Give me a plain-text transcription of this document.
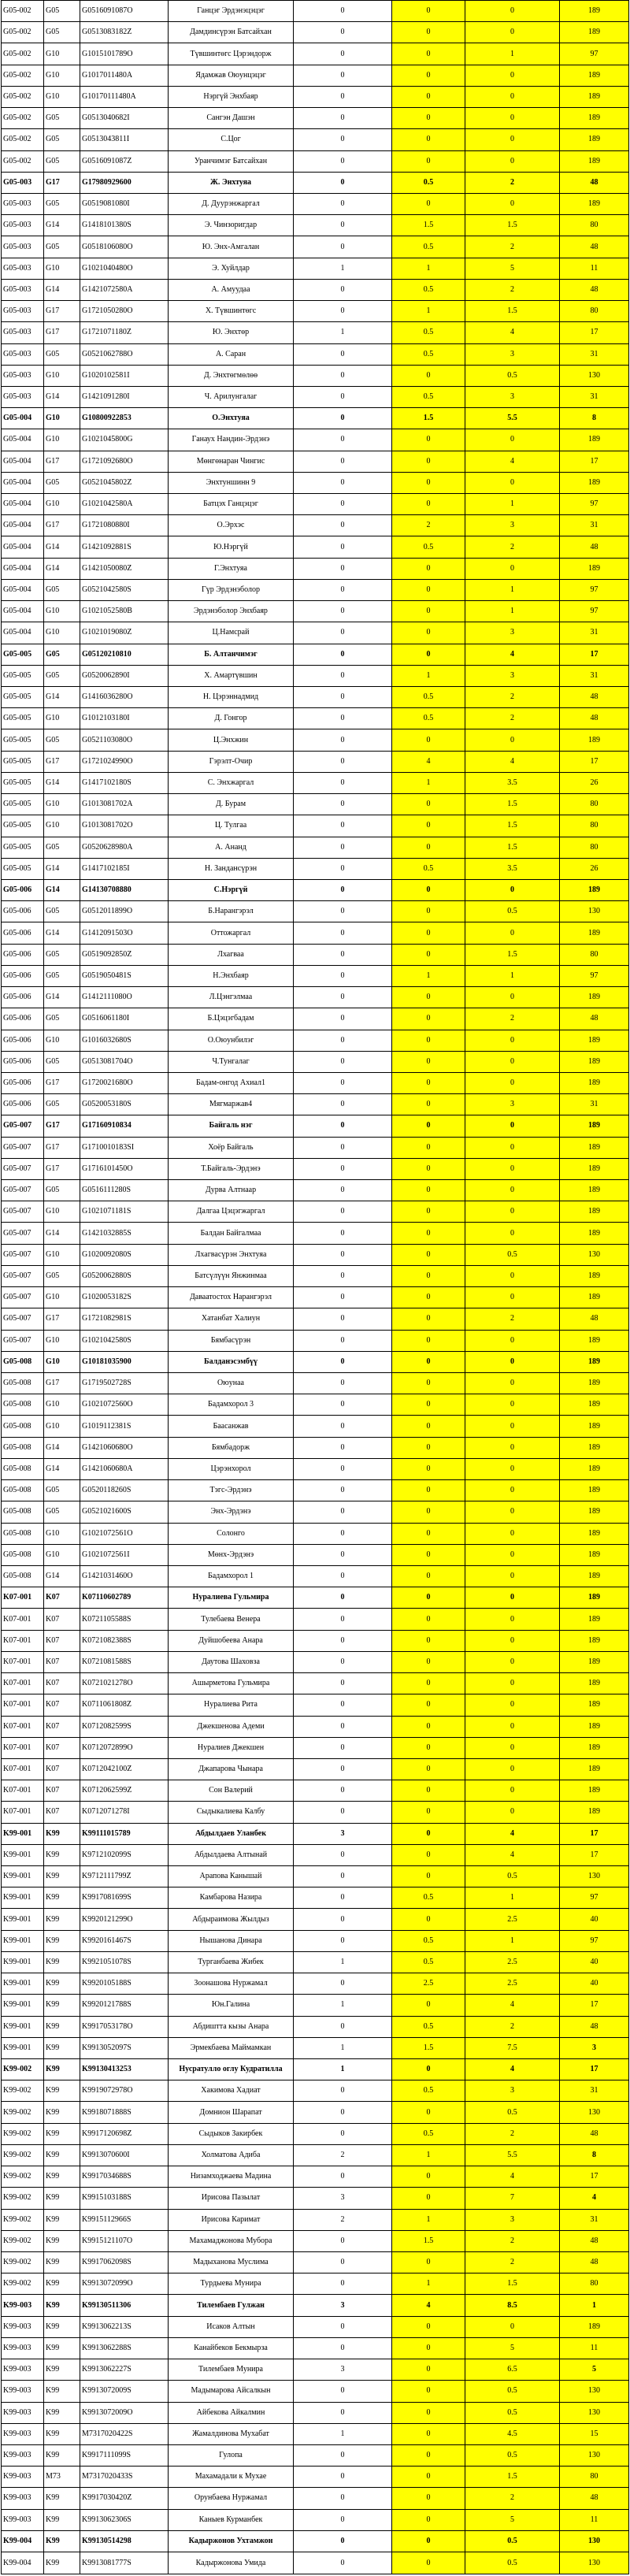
G05-002	G05	G0516091087O	Ганцэг Эрдэнэцэцэг	0	0	0	189
G05-002	G05	G0513083182Z	Дамдинсүрэн Батсайхан	0	0	0	189
G05-002	G10	G1015101789O	Түвшинтөгс Цэрэндорж	0	0	1	97
G05-002	G10	G1017011480A	Ядамжав Оюунцэцэг	0	0	0	189
G05-002	G10	G10170111480A	Нэргүй Энхбаяр	0	0	0	189
G05-002	G05	G0513040682I	Сангэн Дашэн	0	0	0	189
G05-002	G05	G0513043811I	С.Цог	0	0	0	189
G05-002	G05	G0516091087Z	Уранчимэг Батсайхан	0	0	0	189
G05-003	G17	G17980929600	Ж. Энхтуяа	0	0.5	2	48
G05-003	G05	G0519081080I	Д. Дуурэнжаргал	0	0	0	189
G05-003	G14	G1418101380S	Э. Чинзоригдар	0	1.5	1.5	80
G05-003	G05	G0518106080O	Ю. Энх-Амгалан	0	0.5	2	48
G05-003	G10	G1021040480O	Э. Хуйлдар	1	1	5	11
G05-003	G14	G1421072580A	А. Амуудаа	0	0.5	2	48
G05-003	G17	G1721050280O	Х. Түвшинтөгс	0	1	1.5	80
G05-003	G17	G1721071180Z	Ю. Энхтөр	1	0.5	4	17
G05-003	G05	G0521062788O	А. Саран	0	0.5	3	31
G05-003	G10	G1020102581I	Д. Энхтөгмөлөө	0	0	0.5	130
G05-003	G14	G1421091280I	Ч. Арилунгалаг	0	0.5	3	31
G05-004	G10	G10800922853	О.Энхтуяа	0	1.5	5.5	8
G05-004	G10	G1021045800G	Ганаух Нандин-Эрдэнэ	0	0	0	189
G05-004	G17	G1721092680O	Мөнгөнаран Чингис	0	0	4	17
G05-004	G05	G0521045802Z	Энхтуншинн 9	0	0	0	189
G05-004	G10	G1021042580A	Батцэх Ганцэцэг	0	0	1	97
G05-004	G17	G1721080880I	О.Эрхэс	0	2	3	31
G05-004	G14	G1421092881S	Ю.Нэргүй	0	0.5	2	48
G05-004	G14	G1421050080Z	Г.Энхтуяа	0	0	0	189
G05-004	G05	G0521042580S	Гүр Эрдэнэболор	0	0	1	97
G05-004	G10	G1021052580B	Эрдэнэболор Энхбаяр	0	0	1	97
G05-004	G10	G1021019080Z	Ц.Намсрай	0	0	3	31
G05-005	G05	G05120210810	Б. Алтанчимэг	0	0	4	17
G05-005	G05	G0520062890I	Х. Амартүвшин	0	1	3	31
G05-005	G14	G1416036280O	Н. Цэрэннадмид	0	0.5	2	48
G05-005	G10	G1012103180I	Д. Гонгор	0	0.5	2	48
G05-005	G05	G0521103080O	Ц.Энхжин	0	0	0	189
G05-005	G17	G1721024990O	Гэрэлт-Очир	0	4	4	17
G05-005	G14	G1417102180S	С. Энхжаргал	0	1	3.5	26
G05-005	G10	G1013081702A	Д. Бурам	0	0	1.5	80
G05-005	G10	G1013081702O	Ц. Тулгаа	0	0	1.5	80
G05-005	G05	G0520628980A	А. Ананд	0	0	1.5	80
G05-005	G14	G1417102185I	Н. Зандансүрэн	0	0.5	3.5	26
G05-006	G14	G14130708880	С.Нэргүй	0	0	0	189
G05-006	G05	G0512011899O	Б.Нарангэрэл	0	0	0.5	130
G05-006	G14	G1412091503O	Оттожаргал	0	0	0	189
G05-006	G05	G0519092850Z	Лхагваа	0	0	1.5	80
G05-006	G05	G0519050481S	Н.Энхбаяр	0	1	1	97
G05-006	G14	G1412111080O	Л.Цэнгэлмаа	0	0	0	189
G05-006	G05	G0516061180I	Б.Цэцэгбадам	0	0	2	48
G05-006	G10	G1016032680S	О.Оюунбилэг	0	0	0	189
G05-006	G05	G0513081704O	Ч.Тунгалаг	0	0	0	189
G05-006	G17	G1720021680O	Бадам-онгод Ахиал1	0	0	0	189
G05-006	G05	G0520053180S	Мягмаржав4	0	0	3	31
G05-007	G17	G17160910834	Байгаль нэг	0	0	0	189
G05-007	G17	G1710010183SI	Хоёр Байгаль	0	0	0	189
G05-007	G17	G1716101450O	Т.Байгаль-Эрдэнэ	0	0	0	189
G05-007	G05	G0516111280S	Дурва Алтнаар	0	0	0	189
G05-007	G10	G1021071181S	Далгаа Цэцэгжаргал	0	0	0	189
G05-007	G14	G1421032885S	Балдан Байгалмаа	0	0	0	189
G05-007	G10	G1020092080S	Лхагвасүрэн Энхтуяа	0	0	0.5	130
G05-007	G05	G0520062880S	Батсүлүүн Янжинмаа	0	0	0	189
G05-007	G10	G1020053182S	Даваатостох Нарангэрэл	0	0	0	189
G05-007	G17	G1721082981S	Хатанбат Халиун	0	0	2	48
G05-007	G10	G1021042580S	Бямбасүрэн	0	0	0	189
G05-008	G10	G10181035900	Балданэсэмбүү	0	0	0	189
G05-008	G17	G1719502728S	Оюунаа	0	0	0	189
G05-008	G10	G1021072560O	Бадамхорол 3	0	0	0	189
G05-008	G10	G1019112381S	Баасанжав	0	0	0	189
G05-008	G14	G1421060680O	Бямбадорж	0	0	0	189
G05-008	G14	G1421060680A	Цэрэнхорол	0	0	0	189
G05-008	G05	G0520118260S	Тэгс-Эрдэнэ	0	0	0	189
G05-008	G05	G0521021600S	Энх-Эрдэнэ	0	0	0	189
G05-008	G10	G1021072561O	Солонго	0	0	0	189
G05-008	G10	G1021072561I	Мөнх-Эрдэнэ	0	0	0	189
G05-008	G14	G1421031460O	Бадамхорол 1	0	0	0	189
K07-001	K07	K07110602789	Нуралиева Гульмира	0	0	0	189
K07-001	K07	K0721105588S	Тулебаева Венера	0	0	0	189
K07-001	K07	K0721082388S	Дуйшобеева Анара	0	0	0	189
K07-001	K07	K0721081588S	Даутова Шаховза	0	0	0	189
K07-001	K07	K0721021278O	Ашырметова Гульмира	0	0	0	189
K07-001	K07	K0711061808Z	Нуралиева Рита	0	0	0	189
K07-001	K07	K0712082599S	Джекшенова Адеми	0	0	0	189
K07-001	K07	K0712072899O	Нуралиев Джекшен	0	0	0	189
K07-001	K07	K0712042100Z	Джапарова Чынара	0	0	0	189
K07-001	K07	K0712062599Z	Сон Валерий	0	0	0	189
K07-001	K07	K0712071278I	Сыдыкалиева Калбу	0	0	0	189
K99-001	K99	K99111015789	Абдылдаев Уланбек	3	0	4	17
K99-001	K99	K9712102099S	Абдылдаева Алтынай	0	0	4	17
K99-001	K99	K9712111799Z	Арапова Канышай	0	0	0.5	130
K99-001	K99	K9917081699S	Камбарова Назира	0	0.5	1	97
K99-001	K99	K9920121299O	Абдыраимова Жылдыз	0	0	2.5	40
K99-001	K99	K9920161467S	Нышанова Динара	0	0.5	1	97
K99-001	K99	K9921051078S	Турганбаева Жибек	1	0.5	2.5	40
K99-001	K99	K9920105188S	Зоонашова Нуржамал	0	2.5	2.5	40
K99-001	K99	K9920121788S	Юн.Галина	1	0	4	17
K99-001	K99	K9917053178O	Абдиштта кызы Анара	0	0.5	2	48
K99-001	K99	K9913052097S	Эрмекбаева Маймамкан	1	1.5	7.5	3
K99-002	K99	K99130413253	Нусратулло оглу Кудратилла	1	0	4	17
K99-002	K99	K9919072978O	Хакимова Хадиат	0	0.5	3	31
K99-002	K99	K9918071888S	Домнион Шарапат	0	0	0.5	130
K99-002	K99	K9917120698Z	Сыдыков Закирбек	0	0.5	2	48
K99-002	K99	K9913070600I	Холматова Адиба	2	1	5.5	8
K99-002	K99	K9917034688S	Низамходжаева Мадина	0	0	4	17
K99-002	K99	K9915103188S	Ирисова Пазылат	3	0	7	4
K99-002	K99	K9915112966S	Ирисова Каримат	2	1	3	31
K99-002	K99	K9915121107O	Махамаджонова Мубора	0	1.5	2	48
K99-002	K99	K9917062098S	Мадыханова Муслима	0	0	2	48
K99-002	K99	K9913072099O	Турдыева Мунира	0	1	1.5	80
K99-003	K99	K99130511306	Тилембаев Гулжан	3	4	8.5	1
K99-003	K99	K9913062213S	Исаков Алтын	0	0	0	189
K99-003	K99	K9913062288S	Канайбеков Бекмырза	0	0	5	11
K99-003	K99	K9913062227S	Тилембаев Мунира	3	0	6.5	5
K99-003	K99	K9913072009S	Мадымарова Айсалкын	0	0	0.5	130
K99-003	K99	K9913072009O	Айбекова Айкалмин	0	0	0.5	130
K99-003	K99	M7317020422S	Жамалдинова Мухабат	1	0	4.5	15
K99-003	K99	K9917111099S	Гулопа	0	0	0.5	130
K99-003	M73	M7317020433S	Махамадали к Мухае	0	0	1.5	80
K99-003	K99	K9917030420Z	Орунбаева Нуржамал	0	0	2	48
K99-003	K99	K9913062306S	Каныев Курманбек	0	0	5	11
K99-004	K99	K99130514298	Кадыржонов Ухтамжон	0	0	0.5	130
K99-004	K99	K9913081777S	Кадыржонова Умида	0	0	0.5	130
